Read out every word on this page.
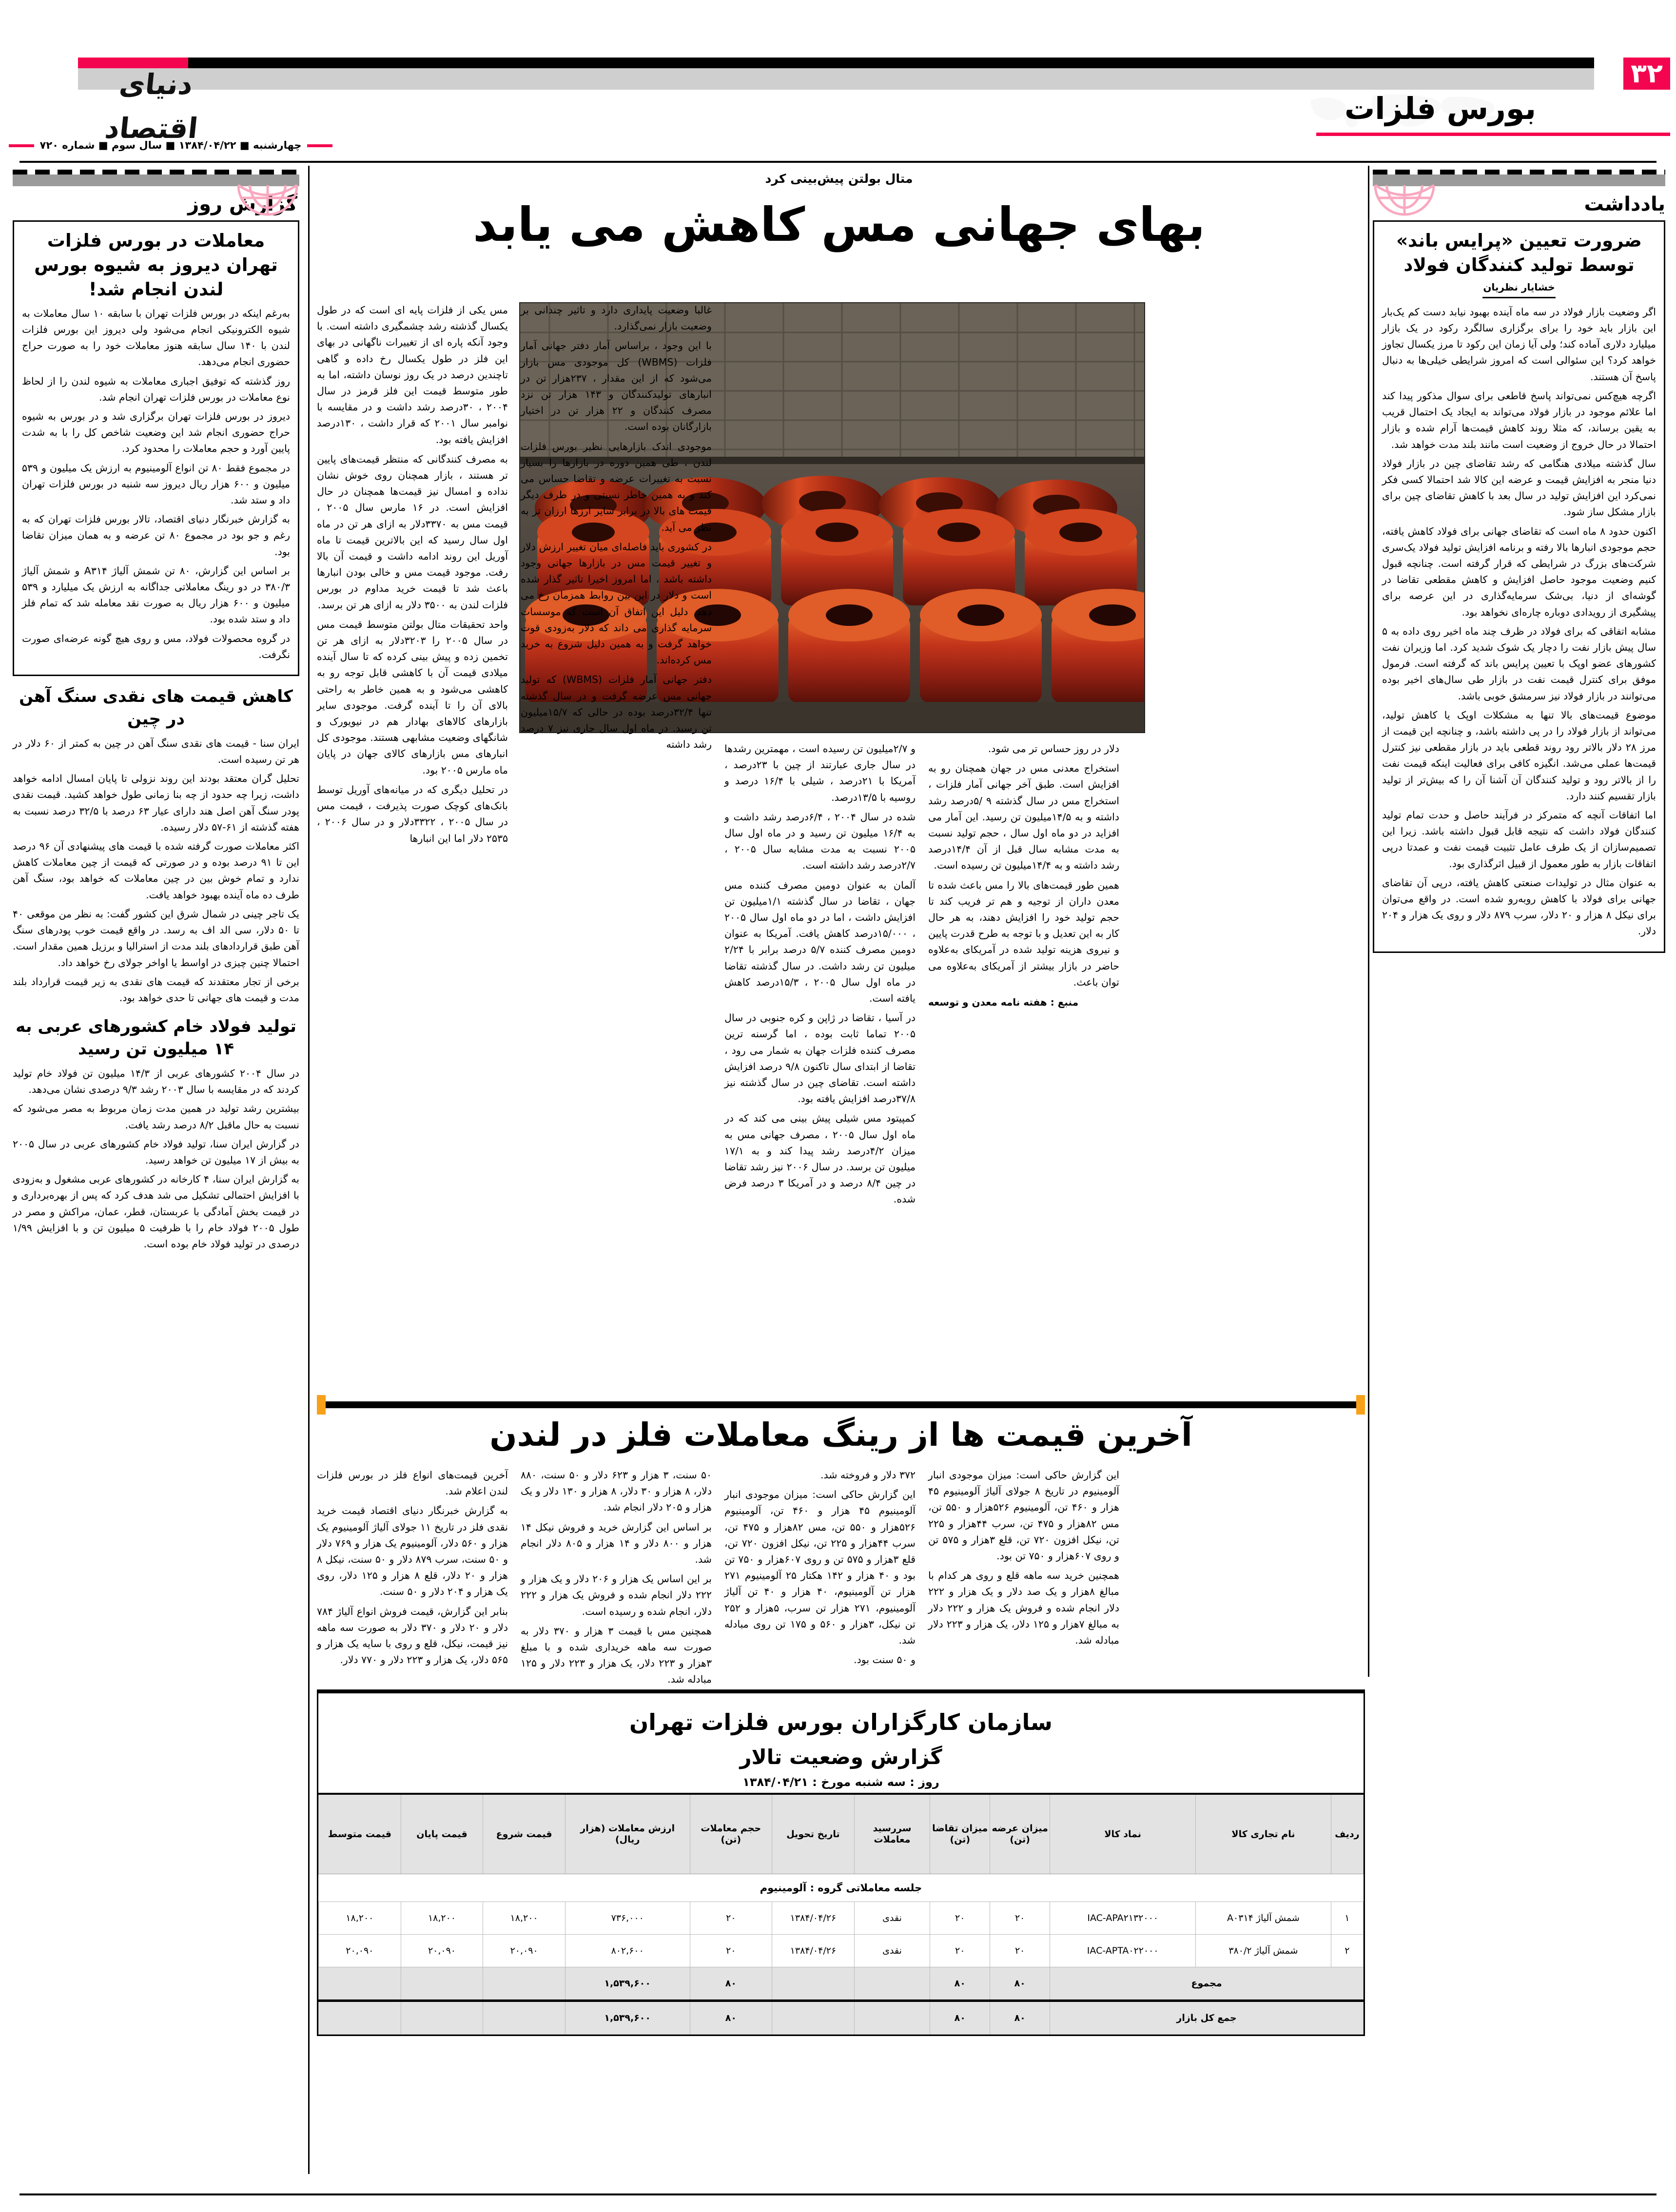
دنیای اقتصاد
۳۲
بورس فلزات
چهارشنبه ■ ۱۳۸۴/۰۴/۲۲ ■ سال سوم ■ شماره ۷۲۰
یادداشت
ضرورت تعیین «پرایس باند» توسط تولید کنندگان فولاد
خشایار نظریان

اگر وضعیت بازار فولاد در سه ماه آینده بهبود نیابد دست کم یک‌بار این بازار باید خود را برای برگزاری سالگرد رکود در یک بازار میلیارد دلاری آماده کند؛ ولی آیا زمان این رکود تا مرز یکسال تجاوز خواهد کرد؟ این سئوالی است که امروز شرایطی خیلی‌ها به دنبال پاسخ آن هستند.

اگرچه هیچ‌کس نمی‌تواند پاسخ قاطعی برای سوال مذکور پیدا کند اما علائم موجود در بازار فولاد می‌تواند به ایجاد یک احتمال قریب به یقین برساند، که مثلا روند کاهش قیمت‌ها آرام شده و بازار احتمالا در حال خروج از وضعیت است مانند بلند مدت خواهد شد.

سال گذشته میلادی هنگامی که رشد تقاضای چین در بازار فولاد دنیا منجر به افزایش قیمت و عرضه این کالا شد احتمالا کسی فکر نمی‌کرد این افزایش تولید در سال بعد با کاهش تقاضای چین برای بازار مشکل ساز شود.

اکنون حدود ۸ ماه است که تقاضای جهانی برای فولاد کاهش یافته، حجم موجودی انبارها بالا رفته و برنامه افزایش تولید فولاد یک‌سری شرکت‌های بزرگ در شرایطی که قرار گرفته است. چنانچه قبول کنیم وضعیت موجود حاصل افزایش و کاهش مقطعی تقاضا در گوشه‌ای از دنیا، بی‌شک سرمایه‌گذاری در این عرصه برای پیشگیری از رویدادی دوباره چاره‌ای نخواهد بود.

مشابه اتفاقی که برای فولاد در ظرف چند ماه اخیر روی داده به ۵ سال پیش بازار نفت را دچار یک شوک شدید کرد. اما وزیران نفت کشورهای عضو اوپک با تعیین پرایس باند که گرفته است. فرمول موفق برای کنترل قیمت نفت در بازار طی سال‌های اخیر بوده می‌توانند در بازار فولاد نیز سرمشق خوبی باشد.

موضوع قیمت‌های بالا تنها به مشکلات اوپک یا کاهش تولید، می‌تواند از بازار فولاد را در پی داشته باشد، و چنانچه این قیمت از مرز ۲۸ دلار بالاتر رود روند قطعی باید در بازار مقطعی نیز کنترل قیمت‌ها عملی می‌شد. انگیزه کافی برای فعالیت اینکه قیمت نفت را از بالاتر رود و تولید کنندگان آن آشنا آن را که بیش‌تر از تولید بازار تقسیم کنند دارد.

اما اتفاقات آنچه که متمرکز در فرآیند حاصل و حدت تمام تولید کنندگان فولاد داشت که نتیجه قابل قبول داشته باشد. زیرا این تصمیم‌سازان از یک طرف عامل تثبیت قیمت نفت و عمدتا درپی اتفاقات بازار به طور معمول از قبیل اثرگذاری بود.

به عنوان مثال در تولیدات صنعتی کاهش یافته، درپی آن تقاضای جهانی برای فولاد با کاهش روبه‌رو شده است. در واقع می‌توان برای نیکل ۸ هزار و ۲۰ دلار، سرب ۸۷۹ دلار و روی یک هزار و ۲۰۴ دلار.

گزارش روز
معاملات در بورس فلزات تهران دیروز به شیوه بورس لندن انجام شد!

به‌رغم اینکه در بورس فلزات تهران با سابقه ۱۰ سال معاملات به شیوه الکترونیکی انجام می‌شود ولی دیروز این بورس فلزات لندن با ۱۴۰ سال سابقه هنوز معاملات خود را به صورت حراج حضوری انجام می‌دهد.

روز گذشته که توفیق اجباری معاملات به شیوه لندن را از لحاظ نوع معاملات در بورس فلزات تهران انجام شد.

دیروز در بورس فلزات تهران برگزاری شد و در بورس به شیوه حراج حضوری انجام شد این وضعیت شاخص کل را با به شدت پایین آورد و حجم معاملات را محدود کرد.

در مجموع فقط ۸۰ تن انواع آلومینیوم به ارزش یک میلیون و ۵۳۹ میلیون و ۶۰۰ هزار ریال دیروز سه شنبه در بورس فلزات تهران داد و ستد شد.

به گزارش خبرنگار دنیای اقتصاد، تالار بورس فلزات تهران که به رغم و جو بود در مجموع ۸۰ تن عرضه و به همان میزان تقاضا بود.

بر اساس این گزارش، ۸۰ تن شمش آلیاژ A۳۱۴ و شمش آلیاژ ۳۸۰/۳ در دو رینگ معاملاتی جداگانه به ارزش یک میلیارد و ۵۳۹ میلیون و ۶۰۰ هزار ریال به صورت نقد معامله شد که تمام فلز داد و ستد شده بود.

در گروه محصولات فولاد، مس و روی هیچ گونه عرضه‌ای صورت نگرفت.

کاهش قیمت های نقدی سنگ آهن در چین

ایران سنا - قیمت های نقدی سنگ آهن در چین به کمتر از ۶۰ دلار در هر تن رسیده است.

تحلیل گران معتقد بودند این روند نزولی تا پایان امسال ادامه خواهد داشت، زیرا چه حدود از چه بنا زمانی طول خواهد کشید. قیمت نقدی پودر سنگ آهن اصل هند دارای عیار ۶۳ درصد با ۳۲/۵ درصد نسبت به هفته گذشته از ۶۱-۵۷ دلار رسیده.

اکثر معاملات صورت گرفته شده با قیمت های پیشنهادی آن ۹۶ درصد این تا ۹۱ درصد بوده و در صورتی که قیمت از چین معاملات کاهش ندارد و تمام خوش بین در چین معاملات که خواهد بود، سنگ آهن طرف ده ماه آینده بهبود خواهد یافت.

یک تاجر چینی در شمال شرق این کشور گفت: به نظر من موقعی ۴۰ تا ۵۰ دلار، سی الد اف به رسد. در واقع قیمت خوب پودرهای سنگ آهن طبق قراردادهای بلند مدت از استرالیا و برزیل همین مقدار است. احتمالا چنین چیزی در اواسط یا اواخر جولای رخ خواهد داد.

برخی از تجار معتقدند که قیمت های نقدی به زیر قیمت قرارداد بلند مدت و قیمت های جهانی تا حدی خواهد بود.

تولید فولاد خام کشورهای عربی به ۱۴ میلیون تن رسید

در سال ۲۰۰۴ کشورهای عربی از ۱۴/۳ میلیون تن فولاد خام تولید کردند که در مقایسه با سال ۲۰۰۳ رشد ۹/۳ درصدی نشان می‌دهد.

بیشترین رشد تولید در همین مدت زمان مربوط به مصر می‌شود که نسبت به حال ماقبل ۸/۲ درصد رشد یافت.

در گزارش ایران سنا، تولید فولاد خام کشورهای عربی در سال ۲۰۰۵ به بیش از ۱۷ میلیون تن خواهد رسید.

به گزارش ایران سنا، ۴ کارخانه در کشورهای عربی مشغول و به‌زودی با افزایش احتمالی تشکیل می شد هدف کرد که پس از بهره‌برداری و در قیمت بخش آمادگی با عربستان، قطر، عمان، مراکش و مصر در طول ۲۰۰۵ فولاد خام را با ظرفیت ۵ میلیون تن و با افزایش ۱/۹۹ درصدی در تولید فولاد خام بوده است.

متال بولتن پیش‌بینی کرد
بهای جهانی مس کاهش می یابد

مس یکی از فلزات پایه ای است که در طول یکسال گذشته رشد چشمگیری داشته است. با وجود آنکه پاره ای از تغییرات ناگهانی در بهای این فلز در طول یکسال رخ داده و گاهی تاچندین درصد در یک روز نوسان داشته، اما به طور متوسط قیمت این فلز قرمز در سال ۲۰۰۴ ، ۳۰درصد رشد داشت و در مقایسه با نوامبر سال ۲۰۰۱ که قرار داشت ، ۱۳۰درصد افزایش یافته بود.

به مصرف کنندگانی که منتظر قیمت‌های پایین تر هستند ، بازار همچنان روی خوش نشان نداده و امسال نیز قیمت‌ها همچنان در حال افزایش است. در ۱۶ مارس سال ۲۰۰۵ ، قیمت مس به ۳۳۷۰دلار به ازای هر تن در ماه اول سال رسید که این بالاترین قیمت تا ماه آوریل این روند ادامه داشت و قیمت آن بالا رفت. موجود قیمت مس و خالی بودن انبارها باعث شد تا قیمت خرید مداوم در بورس فلزات لندن به ۳۵۰۰ دلار به ازای هر تن برسد.

واحد تحقیقات متال بولتن متوسط قیمت مس در سال ۲۰۰۵ را ۳۲۰۳دلار به ازای هر تن تخمین زده و پیش بینی کرده که تا سال آینده میلادی قیمت آن با کاهشی قابل توجه رو به کاهشی می‌شود و به همین خاطر به راحتی بالای آن را تا آینده گرفت. موجودی سایر بازارهای کالاهای بهادار هم در نیویورک و شانگهای وضعیت مشابهی هستند. موجودی کل انبارهای مس بازارهای کالای جهان در پایان ماه مارس ۲۰۰۵ بود.

در تحلیل دیگری که در میانه‌های آوریل توسط بانک‌های کوچک صورت پذیرفت ، قیمت مس در سال ۲۰۰۵ ، ۳۳۲۲دلار و در سال ۲۰۰۶ ، ۲۵۳۵ دلار اما این انبارها

غالبا وضعیت پایداری دارد و تاثیر چندانی بر وضعیت بازار نمی‌گذارد.

با این وجود ، براساس آمار دفتر جهانی آمار فلزات (WBMS) کل موجودی مس بازار می‌شود که از این مقدار ، ۲۳۷هزار تن در انبارهای تولیدکنندگان و ۱۴۳ هزار تن نزد مصرف کنندگان و ۲۲ هزار تن در اختیار بازارگانان بوده است.

موجودی اندک بازارهایی نظیر بورس فلزات لندن ، طی همین دوره در بازارها را بسیار نسبت به تغییرات عرضه و تقاضا حساس می کند و به همین خاطر نسبتی و در طرف دیگر قیمت های بالا در برابر سایر ارزها ارزان تر به نظر می آید.

در کشوری باید فاصله‌ای میان تغییر ارزش دلار و تغییر قیمت مس در بازارها جهانی وجود داشته باشد ، اما امروز اخیرا تاثیر گذار شده است و دلار در این بین روابط همزمان رخ می دهد. دلیل این اتفاق آن است که موسسات سرمایه گذاری می داند که دلار به‌زودی قوت خواهد گرفت و به همین دلیل شروع به خرید مس کرده‌اند.

دفتر جهانی آمار فلزات (WBMS) که تولید جهانی مس عرضه گرفت و در سال گذشته تنها ۳۲/۴درصد بوده در حالی که ۱۵/۷میلیون تن رسید. در ماه اول سال جاری نیز ۷ درصد رشد داشته و ۲/۷میلیون تن رسیده است ، مهمترین رشدها در سال جاری عبارتند از چین با ۲۳درصد ، آمریکا با ۲۱درصد ، شیلی با ۱۶/۴ درصد و روسیه با ۱۳/۵درصد.

شده در سال ۲۰۰۴ ، ۶/۴درصد رشد داشت و به ۱۶/۴ میلیون تن رسید و در ماه اول سال ۲۰۰۵ نسبت به مدت مشابه سال ۲۰۰۵ ، ۲/۷درصد رشد داشته است.

آلمان به عنوان دومین مصرف کننده مس جهان ، تقاضا در سال گذشته ۱/۱میلیون تن افزایش داشت ، اما در دو ماه اول سال ۲۰۰۵ ، ۱۵/۰۰۰درصد کاهش یافت. آمریکا به عنوان دومین مصرف کننده ۵/۷ درصد برابر با ۲/۲۴ میلیون تن رشد داشت. در سال گذشته تقاضا در ماه اول سال ۲۰۰۵ ، ۱۵/۳درصد کاهش یافته است.

در آسیا ، تقاضا در ژاپن و کره جنوبی در سال ۲۰۰۵ تماما ثابت بوده ، اما گرسنه ترین مصرف کننده فلزات جهان به شمار می رود ، تقاضا از ابتدای سال تاکنون ۹/۸ درصد افزایش داشته است. تقاضای چین در سال گذشته نیز ۳۷/۸درصد افزایش یافته بود.

کمپیتود مس شیلی پیش بینی می کند که در ماه اول سال ۲۰۰۵ ، مصرف جهانی مس به میزان ۴/۲درصد رشد پیدا کند و به ۱۷/۱ میلیون تن برسد. در سال ۲۰۰۶ نیز رشد تقاضا در چین ۸/۴ درصد و در آمریکا ۳ درصد فرض شده.

دلار در روز حساس تر می شود.

استخراج معدنی مس در جهان همچنان رو به افزایش است. طبق آخر جهانی آمار فلزات ، استخراج مس در سال گذشته ۹ /۵درصد رشد داشته و به ۱۴/۵میلیون تن رسید. این آمار می افزاید در دو ماه اول سال ، حجم تولید نسبت به مدت مشابه سال قبل از آن ۱۴/۴درصد رشد داشته و به ۱۴/۴میلیون تن رسیده است.

همین طور قیمت‌های بالا را مس باعث شده تا معدن داران از توجیه و هم تر فریب کند تا حجم تولید خود را افزایش دهند، به هر حال کار به این تعدیل و با توجه به طرح قدرت پایین و نیروی هزینه تولید شده در آمریکای به‌علاوه حاضر در بازار بیشتر از آمریکای به‌علاوه می توان باعث.

منبع : هفته نامه معدن و توسعه
آخرین قیمت ها از رینگ معاملات فلز در لندن

آخرین قیمت‌های انواع فلز در بورس فلزات لندن اعلام شد.

به گزارش خبرنگار دنیای اقتصاد قیمت خرید نقدی فلز در تاریخ ۱۱ جولای آلیاژ آلومینیوم یک هزار و ۵۶۰ دلار، آلومینیوم یک هزار و ۷۶۹ دلار و ۵۰ سنت، سرب ۸۷۹ دلار و ۵۰ سنت، نیکل ۸ هزار و ۲۰ دلار، قلع ۸ هزار و ۱۲۵ دلار، روی یک هزار و ۲۰۴ دلار و ۵۰ سنت.

بنابر این گزارش، قیمت فروش انواع آلیاژ ۷۸۴ دلار و ۲۰ دلار و ۳۷۰ دلار به صورت سه ماهه نیز قیمت، نیکل، قلع و روی با سایه یک هزار و ۵۶۵ دلار، یک هزار و ۲۲۳ دلار و ۷۷۰ دلار.

۵۰ سنت، ۳ هزار و ۶۲۳ دلار و ۵۰ سنت، ۸۸۰ دلار، ۸ هزار و ۳۰ دلار، ۸ هزار و ۱۳۰ دلار و یک هزار و ۲۰۵ دلار انجام شد.

بر اساس این گزارش خرید و فروش نیکل ۱۴ هزار و ۸۰۰ دلار و ۱۴ هزار و ۸۰۵ دلار انجام شد.

بر این اساس یک هزار و ۲۰۶ دلار و یک هزار و ۲۲۲ دلار انجام شده و فروش یک هزار و ۲۲۲ دلار، انجام شده و رسیده است.

همچنین مس با قیمت ۳ هزار و ۳۷۰ دلار به صورت سه ماهه خریداری شده و با مبلغ ۳هزار و ۲۲۳ دلار، یک هزار و ۲۲۳ دلار و ۱۲۵ مبادله شد.

۳۷۲ دلار و فروخته شد.

این گزارش حاکی است: میزان موجودی انبار آلومینیوم ۴۵ هزار و ۴۶۰ تن، آلومینیوم ۵۲۶هزار و ۵۵۰ تن، مس ۸۲هزار و ۴۷۵ تن، سرب ۴۴هزار و ۲۲۵ تن، نیکل افزون ۷۲۰ تن، قلع ۳هزار و ۵۷۵ تن و روی ۶۰۷هزار و ۷۵۰ تن بود و ۴۰ هزار و ۱۴۲ هکتار ۲۵ آلومینیوم ۲۷۱ هزار تن آلومینیوم، ۴۰ هزار و ۴۰ تن آلیاژ آلومینیوم، ۲۷۱ هزار تن سرب، ۵هزار و ۲۵۲ تن نیکل، ۳هزار و ۵۶۰ و ۱۷۵ تن روی مبادله شد.

و ۵۰ سنت بود.

این گزارش حاکی است: میزان موجودی انبار آلومینیوم در تاریخ ۸ جولای آلیاژ آلومینیوم ۴۵ هزار و ۴۶۰ تن، آلومینیوم ۵۲۶هزار و ۵۵۰ تن، مس ۸۲هزار و ۴۷۵ تن، سرب ۴۴هزار و ۲۲۵ تن، نیکل افزون ۷۲۰ تن، قلع ۳هزار و ۵۷۵ تن و روی ۶۰۷هزار و ۷۵۰ تن بود.

همچنین خرید سه ماهه قلع و روی هر کدام با مبالغ ۸هزار و یک صد دلار و یک هزار و ۲۲۲ دلار انجام شده و فروش یک هزار و ۲۲۲ دلار به مبالغ ۷هزار و ۱۲۵ دلار، یک هزار و ۲۲۳ دلار مبادله شد.

سازمان کارگزاران بورس فلزات تهران
گزارش وضعیت تالار
روز : سه شنبه مورخ : ۱۳۸۴/۰۴/۲۱
ردیف	نام تجاری کالا	نماد کالا	میزان عرضه (تن)	میزان تقاضا (تن)	سررسید معاملات	تاریخ تحویل	حجم معاملات (تن)	ارزش معاملات (هزار ریال)	قیمت شروع	قیمت پایان	قیمت متوسط
جلسه معاملاتی گروه : آلومینیوم											
۱	شمش آلیاژ A۰۳۱۴	IAC-APA۲۱۳۲۰۰۰	۲۰	۲۰	نقدی	۱۳۸۴/۰۴/۲۶	۲۰	۷۳۶,۰۰۰	۱۸,۲۰۰	۱۸,۲۰۰	۱۸,۲۰۰
۲	شمش آلیاژ ۳۸۰/۲	IAC-APTA۰۲۲۰۰۰	۲۰	۲۰	نقدی	۱۳۸۴/۰۴/۲۶	۲۰	۸۰۲,۶۰۰	۲۰,۰۹۰	۲۰,۰۹۰	۲۰,۰۹۰
مجموع			۸۰	۸۰			۸۰	۱,۵۳۹,۶۰۰			
جمع کل بازار			۸۰	۸۰			۸۰	۱,۵۳۹,۶۰۰			
